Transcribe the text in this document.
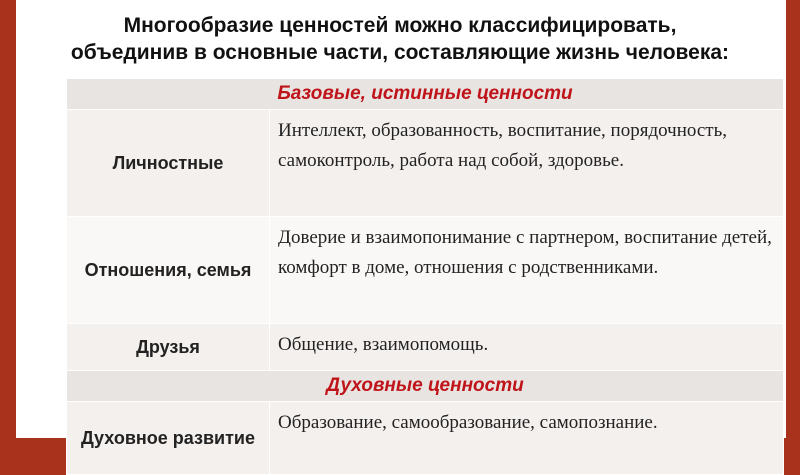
Многообразие ценностей можно классифицировать,
объединив в основные части, составляющие жизнь человека:
Базовые, истинные ценности	
Личностные	Интеллект, образованность, воспитание, порядочность, самоконтроль, работа над собой, здоровье.
Отношения, семья	Доверие и взаимопонимание с партнером, воспитание детей, комфорт в доме, отношения с родственниками.
Друзья	Общение, взаимопомощь.
Духовные ценности	
Духовное развитие	Образование, самообразование, самопознание.
